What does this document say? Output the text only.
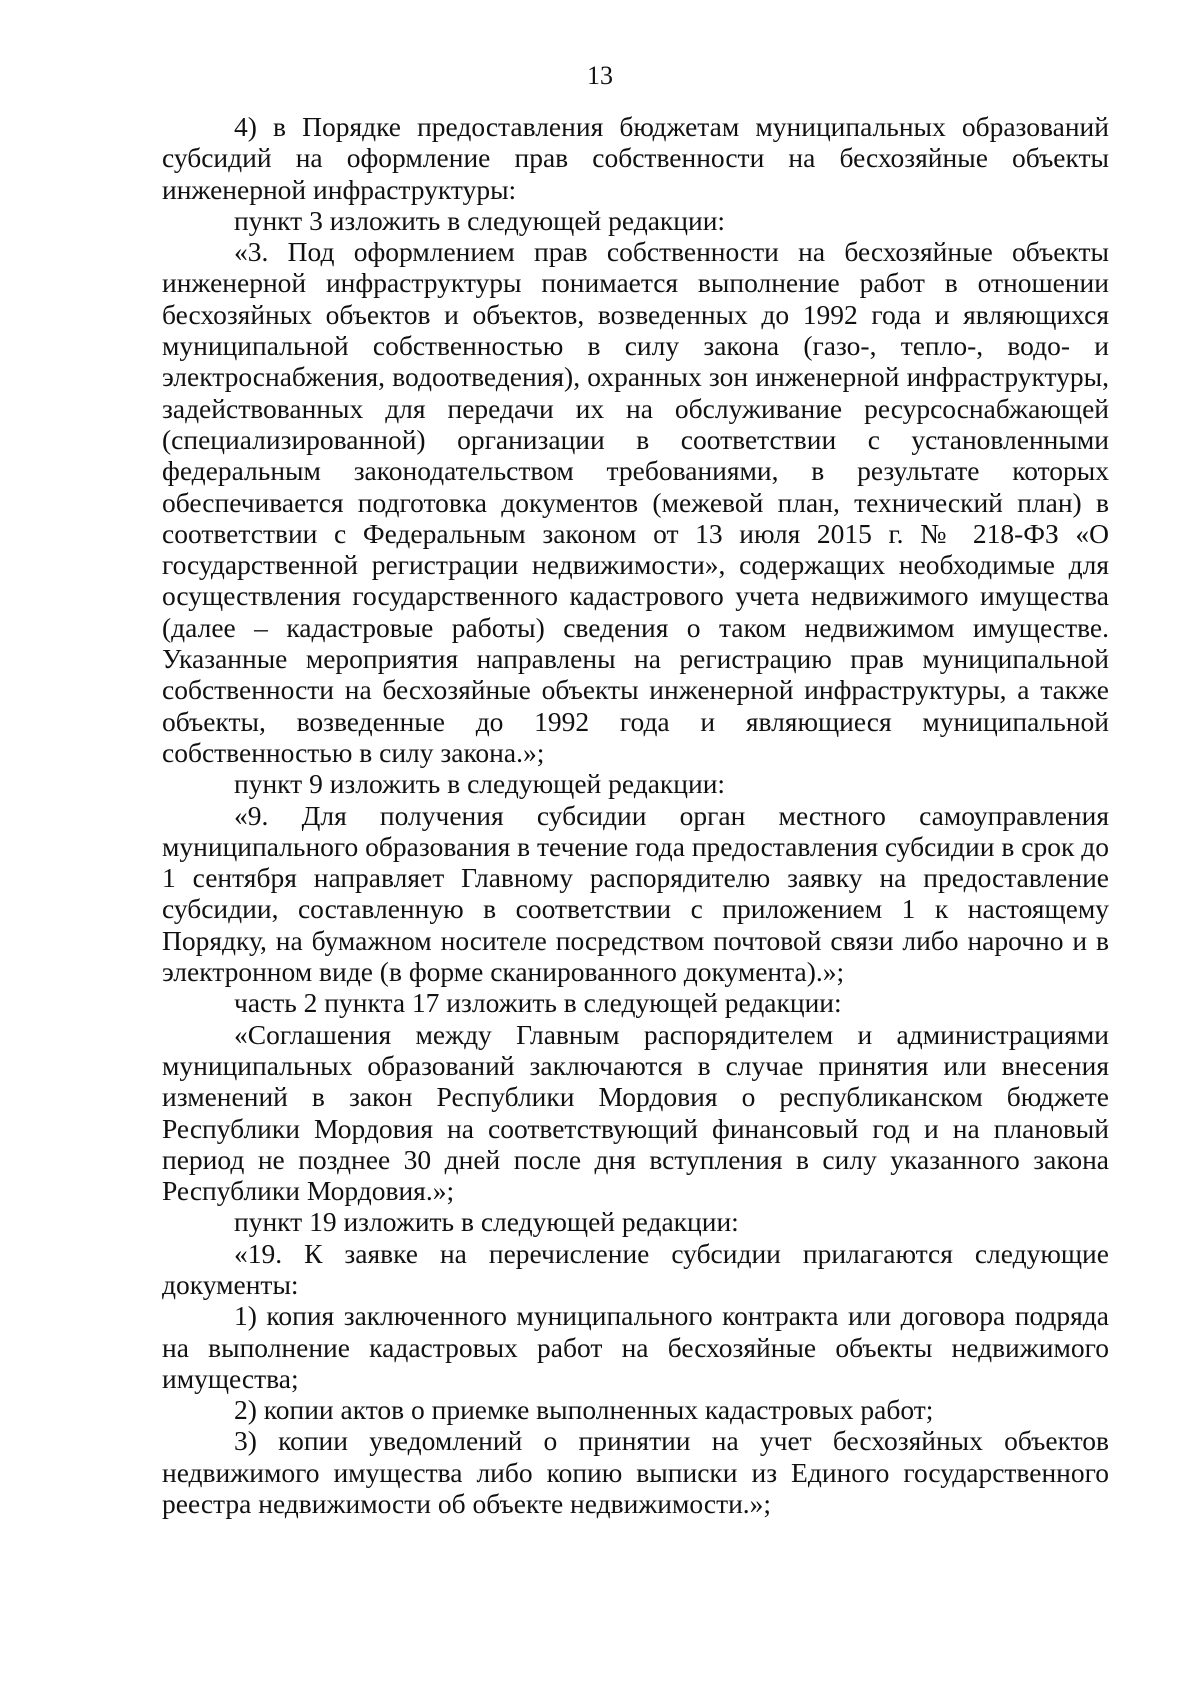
13

4) в Порядке предоставления бюджетам муниципальных образований субсидий на оформление прав собственности на бесхозяйные объекты инженерной инфраструктуры:

пункт 3 изложить в следующей редакции:

«3. Под оформлением прав собственности на бесхозяйные объекты инженерной инфраструктуры понимается выполнение работ в отношении бесхозяйных объектов и объектов, возведенных до 1992 года и являющихся муниципальной собственностью в силу закона (газо-, тепло-, водо- и электроснабжения, водоотведения), охранных зон инженерной инфраструктуры, задействованных для передачи их на обслуживание ресурсоснабжающей (специализированной) организации в соответствии с установленными федеральным законодательством требованиями, в результате которых обеспечивается подготовка документов (межевой план, технический план) в соответствии с Федеральным законом от 13 июля 2015 г. № 218-ФЗ «О государственной регистрации недвижимости», содержащих необходимые для осуществления государственного кадастрового учета недвижимого имущества (далее – кадастровые работы) сведения о таком недвижимом имуществе. Указанные мероприятия направлены на регистрацию прав муниципальной собственности на бесхозяйные объекты инженерной инфраструктуры, а также объекты, возведенные до 1992 года и являющиеся муниципальной собственностью в силу закона.»;

пункт 9 изложить в следующей редакции:

«9. Для получения субсидии орган местного самоуправления муниципального образования в течение года предоставления субсидии в срок до 1 сентября направляет Главному распорядителю заявку на предоставление субсидии, составленную в соответствии с приложением 1 к настоящему Порядку, на бумажном носителе посредством почтовой связи либо нарочно и в электронном виде (в форме сканированного документа).»;

часть 2 пункта 17 изложить в следующей редакции:

«Соглашения между Главным распорядителем и администрациями муниципальных образований заключаются в случае принятия или внесения изменений в закон Республики Мордовия о республиканском бюджете Республики Мордовия на соответствующий финансовый год и на плановый период не позднее 30 дней после дня вступления в силу указанного закона Республики Мордовия.»;

пункт 19 изложить в следующей редакции:

«19. К заявке на перечисление субсидии прилагаются следующие документы:

1) копия заключенного муниципального контракта или договора подряда на выполнение кадастровых работ на бесхозяйные объекты недвижимого имущества;

2) копии актов о приемке выполненных кадастровых работ;

3) копии уведомлений о принятии на учет бесхозяйных объектов недвижимого имущества либо копию выписки из Единого государственного реестра недвижимости об объекте недвижимости.»;
